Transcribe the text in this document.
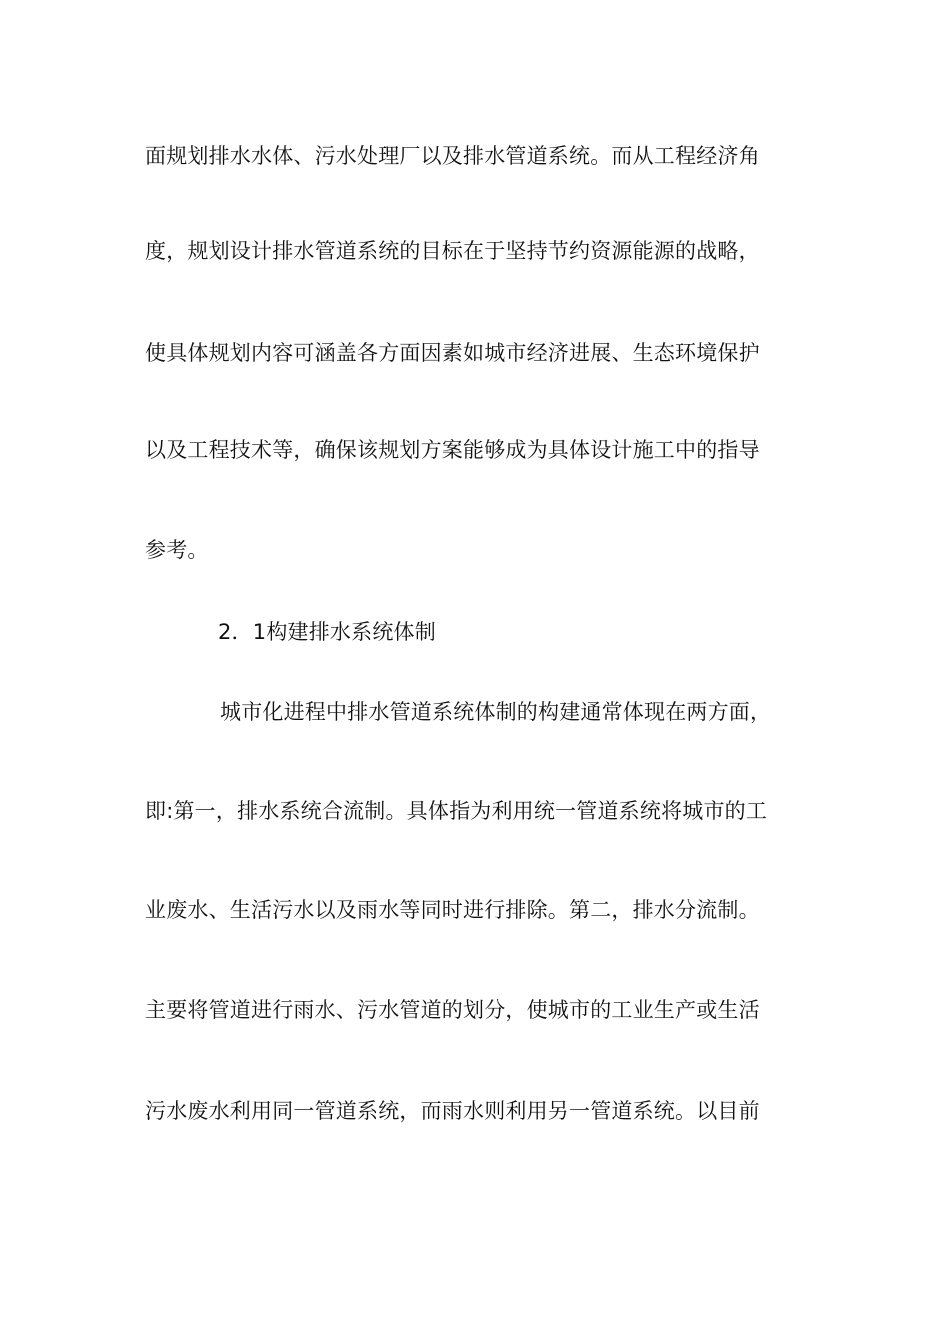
面规划排水水体、污水处理厂以及排水管道系统。而从工程经济角
度，规划设计排水管道系统的目标在于坚持节约资源能源的战略，
使具体规划内容可涵盖各方面因素如城市经济进展、生态环境保护
以及工程技术等，确保该规划方案能够成为具体设计施工中的指导
参考。
2．1构建排水系统体制
城市化进程中排水管道系统体制的构建通常体现在两方面，
即:第一，排水系统合流制。具体指为利用统一管道系统将城市的工
业废水、生活污水以及雨水等同时进行排除。第二，排水分流制。
主要将管道进行雨水、污水管道的划分，使城市的工业生产或生活
污水废水利用同一管道系统，而雨水则利用另一管道系统。以目前
